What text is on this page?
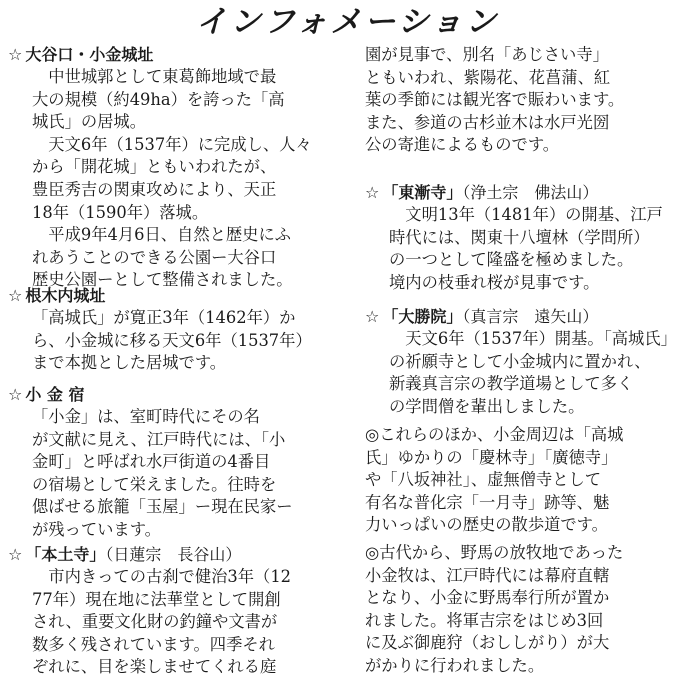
インフォメーション
☆ 大谷口・小金城址
中世城郭として東葛飾地域で最
大の規模（約49ha）を誇った「高
城氏」の居城。
天文6年（1537年）に完成し、人々
から「開花城」ともいわれたが、
豊臣秀吉の関東攻めにより、天正
18年（1590年）落城。
平成9年4月6日、自然と歴史にふ
れあうことのできる公園ー大谷口
歴史公園ーとして整備されました。
☆ 根木内城址
「高城氏」が寛正3年（1462年）か
ら、小金城に移る天文6年（1537年）
まで本拠とした居城です。
☆ 小 金 宿
「小金」は、室町時代にその名
が文献に見え、江戸時代には、「小
金町」と呼ばれ水戸街道の4番目
の宿場として栄えました。往時を
偲ばせる旅籠「玉屋」ー現在民家ー
が残っています。
☆ 「本土寺」（日蓮宗　長谷山）
市内きっての古刹で健治3年（12
77年）現在地に法華堂として開創
され、重要文化財の釣鐘や文書が
数多く残されています。四季それ
ぞれに、目を楽しませてくれる庭
園が見事で、別名「あじさい寺」
ともいわれ、紫陽花、花菖蒲、紅
葉の季節には観光客で賑わいます。
また、参道の古杉並木は水戸光圀
公の寄進によるものです。
☆ 「東漸寺」（浄土宗　佛法山）
文明13年（1481年）の開基、江戸
時代には、関東十八壇林（学問所）
の一つとして隆盛を極めました。
境内の枝垂れ桜が見事です。
☆ 「大勝院」（真言宗　遠矢山）
天文6年（1537年）開基。「高城氏」
の祈願寺として小金城内に置かれ、
新義真言宗の教学道場として多く
の学問僧を輩出しました。
◎これらのほか、小金周辺は「高城
氏」ゆかりの「慶林寺」「廣徳寺」
や「八坂神社」、虚無僧寺として
有名な普化宗「一月寺」跡等、魅
力いっぱいの歴史の散歩道です。
◎古代から、野馬の放牧地であった
小金牧は、江戸時代には幕府直轄
となり、小金に野馬奉行所が置か
れました。将軍吉宗をはじめ3回
に及ぶ御鹿狩（おししがり）が大
がかりに行われました。
